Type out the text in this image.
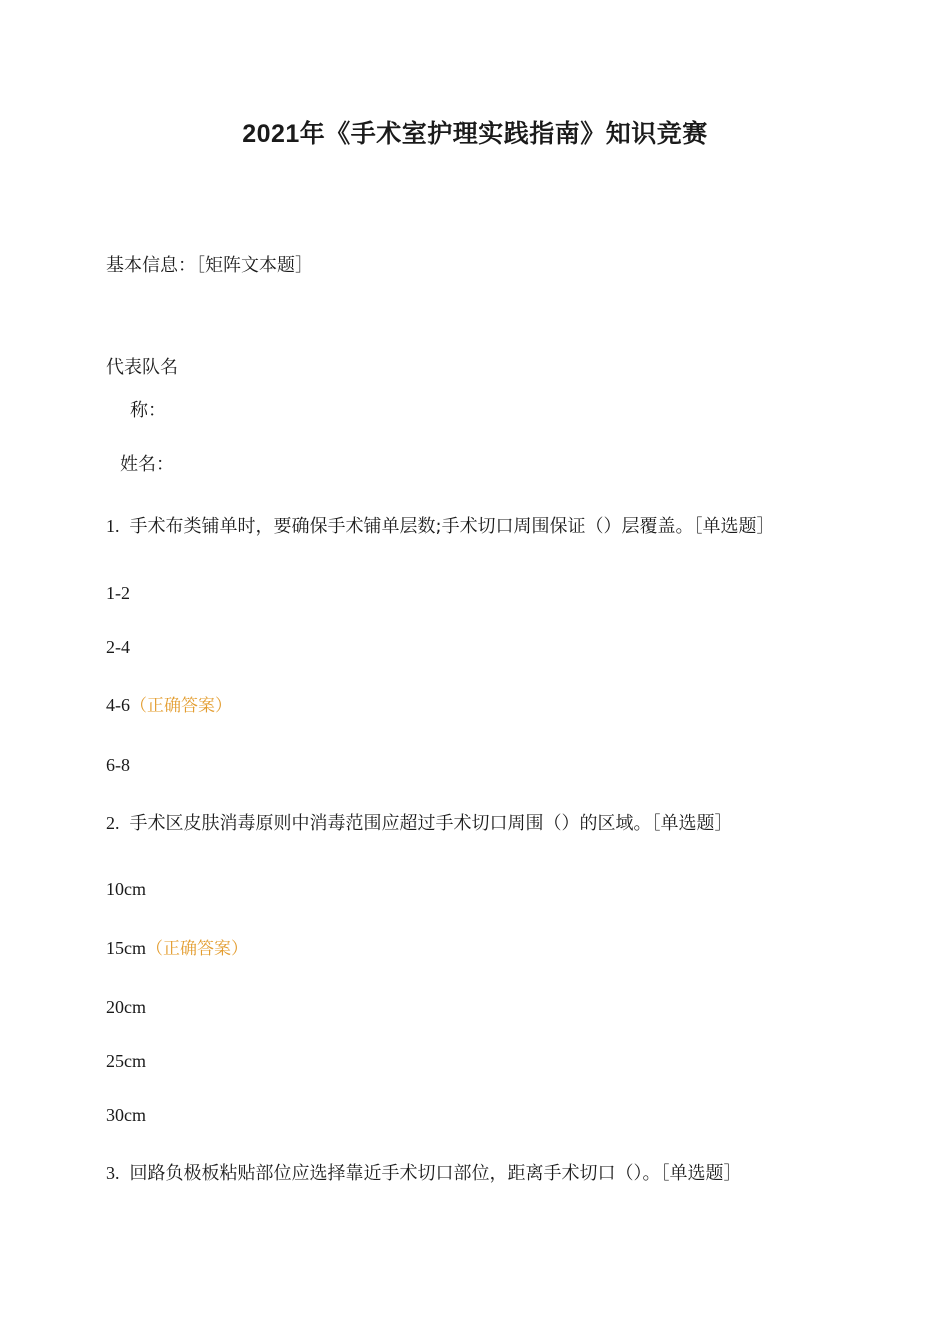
2021年《手术室护理实践指南》知识竞赛
基本信息：［矩阵文本题］
代表队名
称：
姓名：
1. 手术布类铺单时，要确保手术铺单层数;手术切口周围保证（）层覆盖。［单选题］
1-2
2-4
4-6（正确答案）
6-8
2. 手术区皮肤消毒原则中消毒范围应超过手术切口周围（）的区域。［单选题］
10cm
15cm（正确答案）
20cm
25cm
30cm
3. 回路负极板粘贴部位应选择靠近手术切口部位，距离手术切口（）。［单选题］
